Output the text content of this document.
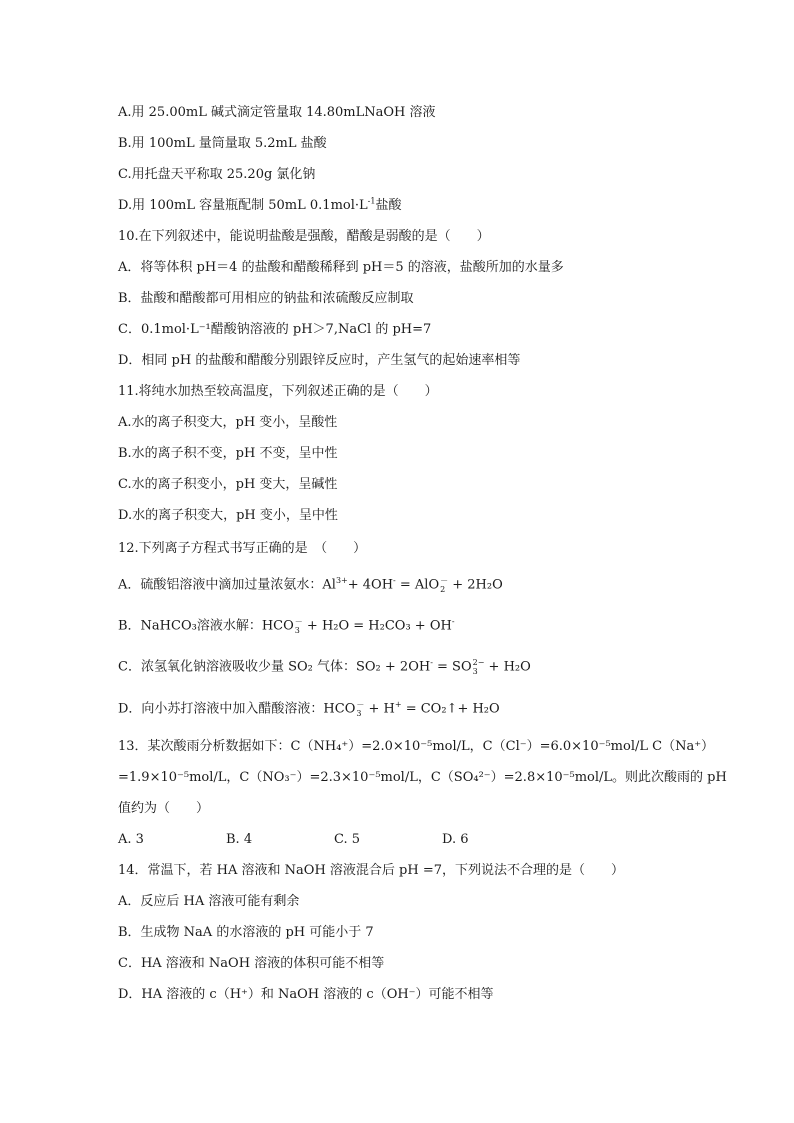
A.用 25.00mL 碱式滴定管量取 14.80mLNaOH 溶液
B.用 100mL 量筒量取 5.2mL 盐酸
C.用托盘天平称取 25.20g 氯化钠
D.用 100mL 容量瓶配制 50mL $0.1mol\cdot L^{-1}$盐酸
10.在下列叙述中，能说明盐酸是强酸，醋酸是弱酸的是（　　）
A．将等体积 pH＝4 的盐酸和醋酸稀释到 pH＝5 的溶液，盐酸所加的水量多
B．盐酸和醋酸都可用相应的钠盐和浓硫酸反应制取
C．0.1mol·L⁻¹醋酸钠溶液的 pH＞7,NaCl 的 pH=7
D．相同 pH 的盐酸和醋酸分别跟锌反应时，产生氢气的起始速率相等
11.将纯水加热至较高温度，下列叙述正确的是（　　）
A.水的离子积变大，pH 变小，呈酸性
B.水的离子积不变，pH 不变，呈中性
C.水的离子积变小，pH 变大，呈碱性
D.水的离子积变大，pH 变小，呈中性
12.下列离子方程式书写正确的是　（　　）
A．硫酸铝溶液中滴加过量浓氨水：$Al^{3+}+ 4OH^-$ = AlO －
2 + 2H₂O
B．NaHCO₃溶液水解：HCO －
3 + H₂O = H₂CO₃ + OH-
C．浓氢氧化钠溶液吸收少量 SO₂ 气体：SO₂ + 2OH- = SO 2−
3 + H₂O
D．向小苏打溶液中加入醋酸溶液：HCO －
3 + H+ = CO₂↑+ H₂O
13．某次酸雨分析数据如下：C（NH₄⁺）=2.0×10⁻⁵mol/L，C（Cl⁻）=6.0×10⁻⁵mol/L C（Na⁺）
=1.9×10⁻⁵mol/L，C（NO₃⁻）=2.3×10⁻⁵mol/L，C（SO₄²⁻）=2.8×10⁻⁵mol/L。则此次酸雨的 pH
值约为（　　）
A. 3	B. 4	C. 5	D. 6
14．常温下，若 HA 溶液和 NaOH 溶液混合后 pH =7，下列说法不合理的是（　　）
A．反应后 HA 溶液可能有剩余
B．生成物 NaA 的水溶液的 pH 可能小于 7
C．HA 溶液和 NaOH 溶液的体积可能不相等
D．HA 溶液的 c（H⁺）和 NaOH 溶液的 c（OH⁻）可能不相等
